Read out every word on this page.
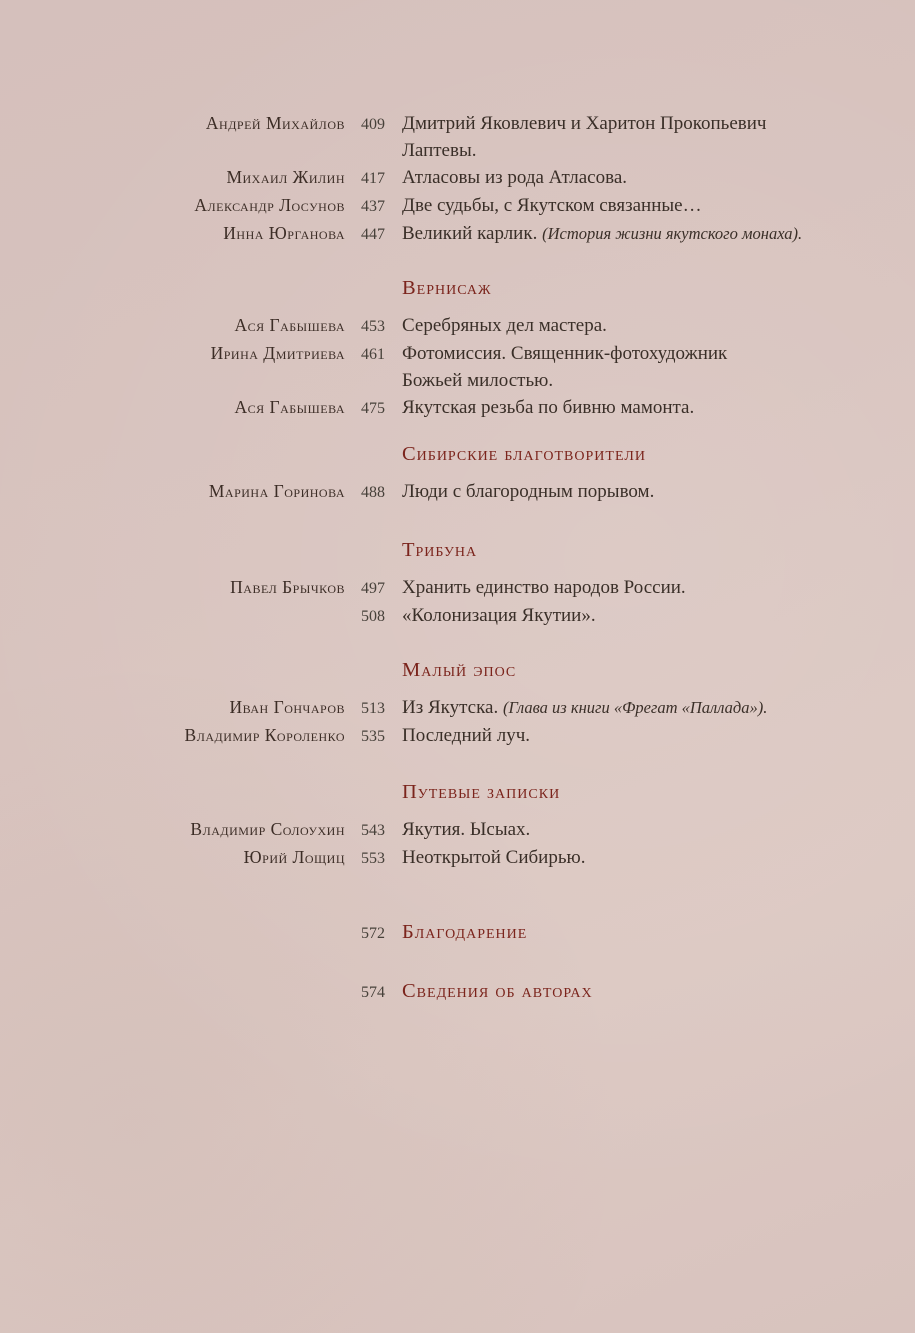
Андрей Михайлов	409 Дмитрий Яковлевич и Харитон Прокопьевич
Лаптевы.
Михаил Жилин	417 Атласовы из рода Атласова.
Александр Лосунов	437 Две судьбы, с Якутском связанные…
Инна Юрганова	447 Великий карлик. (История жизни якутского монаха).
Вернисаж
Ася Габышева	453 Серебряных дел мастера.
Ирина Дмитриева	461 Фотомиссия. Священник-фотохудожник
Божьей милостью.
Ася Габышева	475 Якутская резьба по бивню мамонта.
Сибирские благотворители
Марина Горинова	488 Люди с благородным порывом.
Трибуна
Павел Брычков	497 Хранить единство народов России.
508 «Колонизация Якутии».
Малый эпос
Иван Гончаров	513 Из Якутска. (Глава из книги «Фрегат «Паллада»).
Владимир Короленко	535 Последний луч.
Путевые записки
Владимир Солоухин	543 Якутия. Ысыах.
Юрий Лощиц	553 Неоткрытой Сибирью.
572 Благодарение
574 Сведения об авторах
